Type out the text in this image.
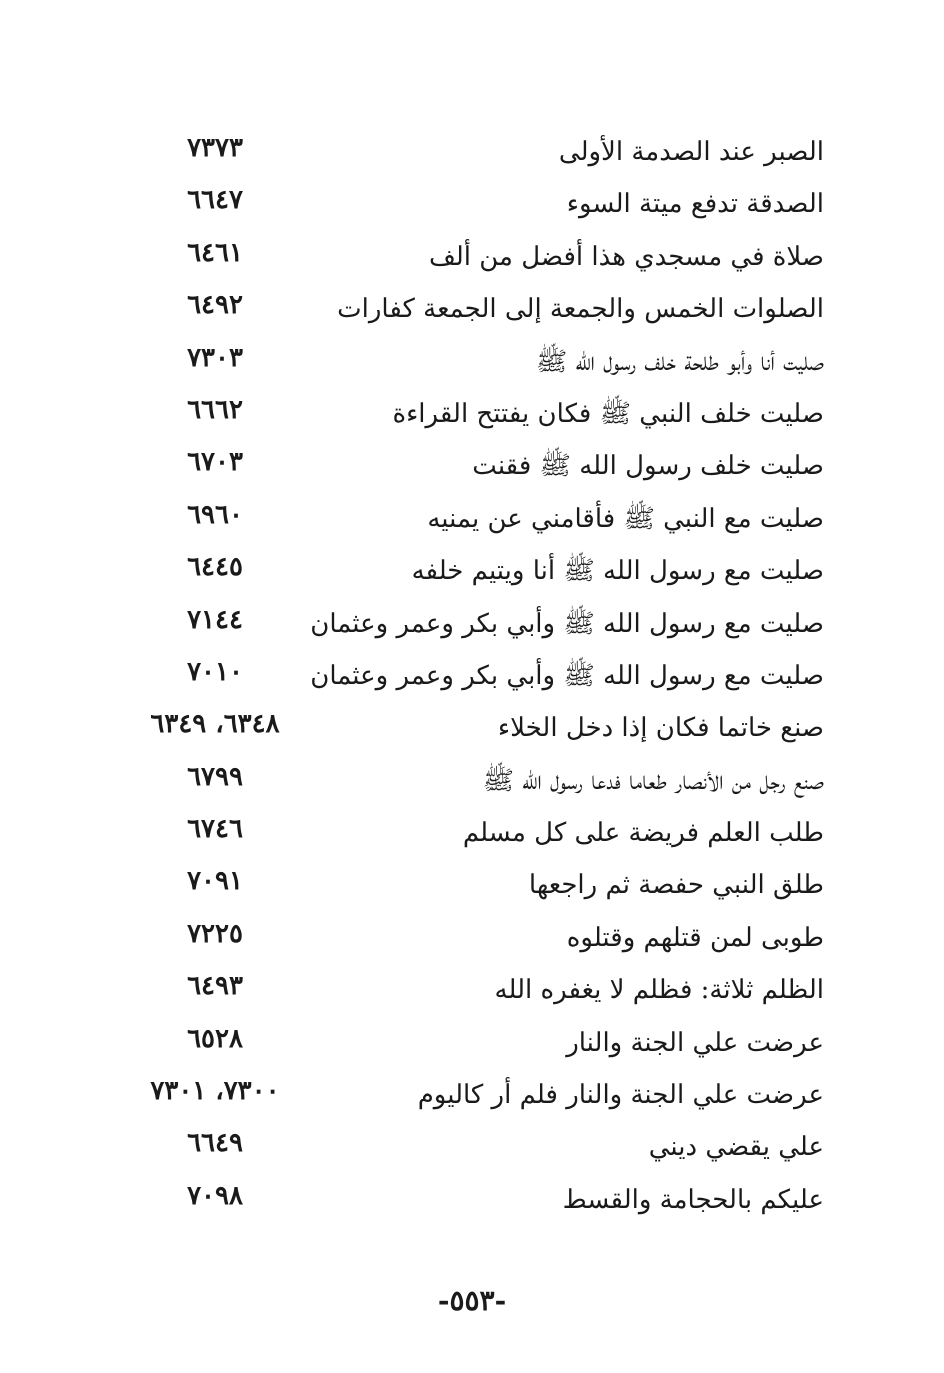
الصبر عند الصدمة الأولى
٧٣٧٣
الصدقة تدفع ميتة السوء
٦٦٤٧
صلاة في مسجدي هذا أفضل من ألف
٦٤٦١
الصلوات الخمس والجمعة إلى الجمعة كفارات
٦٤٩٢
صليت أنا وأبو طلحة خلف رسول الله ﷺ
٧٣٠٣
صليت خلف النبي ﷺ فكان يفتتح القراءة
٦٦٦٢
صليت خلف رسول الله ﷺ فقنت
٦٧٠٣
صليت مع النبي ﷺ فأقامني عن يمنيه
٦٩٦٠
صليت مع رسول الله ﷺ أنا ويتيم خلفه
٦٤٤٥
صليت مع رسول الله ﷺ وأبي بكر وعمر وعثمان
٧١٤٤
صليت مع رسول الله ﷺ وأبي بكر وعمر وعثمان
٧٠١٠
صنع خاتما فكان إذا دخل الخلاء
٦٣٤٨، ٦٣٤٩
صنع رجل من الأنصار طعاما فدعا رسول الله ﷺ
٦٧٩٩
طلب العلم فريضة على كل مسلم
٦٧٤٦
طلق النبي حفصة ثم راجعها
٧٠٩١
طوبى لمن قتلهم وقتلوه
٧٢٢٥
الظلم ثلاثة: فظلم لا يغفره الله
٦٤٩٣
عرضت علي الجنة والنار
٦٥٢٨
عرضت علي الجنة والنار فلم أر كاليوم
٧٣٠٠، ٧٣٠١
علي يقضي ديني
٦٦٤٩
عليكم بالحجامة والقسط
٧٠٩٨
-٥٥٣-
